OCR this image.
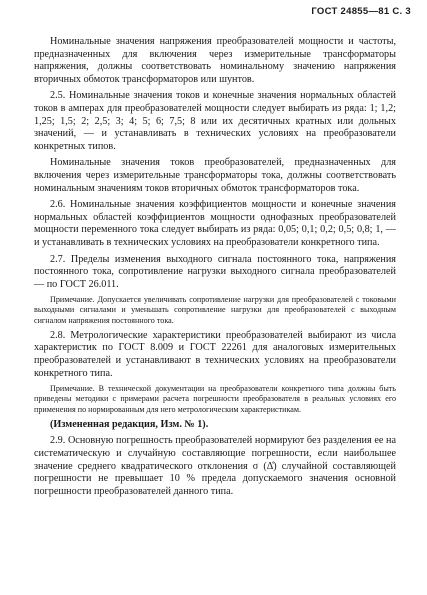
ГОСТ 24855—81 С. 3

Номинальные значения напряжения преобразователей мощности и частоты, предназначенных для включения через измерительные трансформаторы напряжения, должны соответствовать номинальному значению напряжения вторичных обмоток трансформаторов или шунтов.

2.5. Номинальные значения токов и конечные значения нормальных областей токов в амперах для преобразователей мощности следует выбирать из ряда: 1; 1,2; 1,25; 1,5; 2; 2,5; 3; 4; 5; 6; 7,5; 8 или их десятичных кратных или дольных значений, — и устанавливать в технических условиях на преобразователи конкретных типов.

Номинальные значения токов преобразователей, предназначенных для включения через измерительные трансформаторы тока, должны соответствовать номинальным значениям токов вторичных обмоток трансформаторов тока.

2.6. Номинальные значения коэффициентов мощности и конечные значения нормальных областей коэффициентов мощности однофазных преобразователей мощности переменного тока следует выбирать из ряда: 0,05; 0,1; 0,2; 0,5; 0,8; 1, — и устанавливать в технических условиях на преобразователи конкретного типа.

2.7. Пределы изменения выходного сигнала постоянного тока, напряжения постоянного тока, сопротивление нагрузки выходного сигнала преобразователей — по ГОСТ 26.011.

Примечание. Допускается увеличивать сопротивление нагрузки для преобразователей с токовыми выходными сигналами и уменьшать сопротивление нагрузки для преобразователей с выходным сигналом напряжения постоянного тока.

2.8. Метрологические характеристики преобразователей выбирают из числа характеристик по ГОСТ 8.009 и ГОСТ 22261 для аналоговых измерительных преобразователей и устанавливают в технических условиях на преобразователи конкретного типа.

Примечание. В технической документации на преобразователи конкретного типа должны быть приведены методики с примерами расчета погрешности преобразователя в реальных условиях его применения по нормированным для него метрологическим характеристикам.

(Измененная редакция, Изм. № 1).

2.9. Основную погрешность преобразователей нормируют без разделения ее на систематическую и случайную составляющие погрешности, если наибольшее значение среднего квадратического отклонения σ (Δ̊) случайной составляющей погрешности не превышает 10 % предела допускаемого значения основной погрешности преобразователей данного типа.
